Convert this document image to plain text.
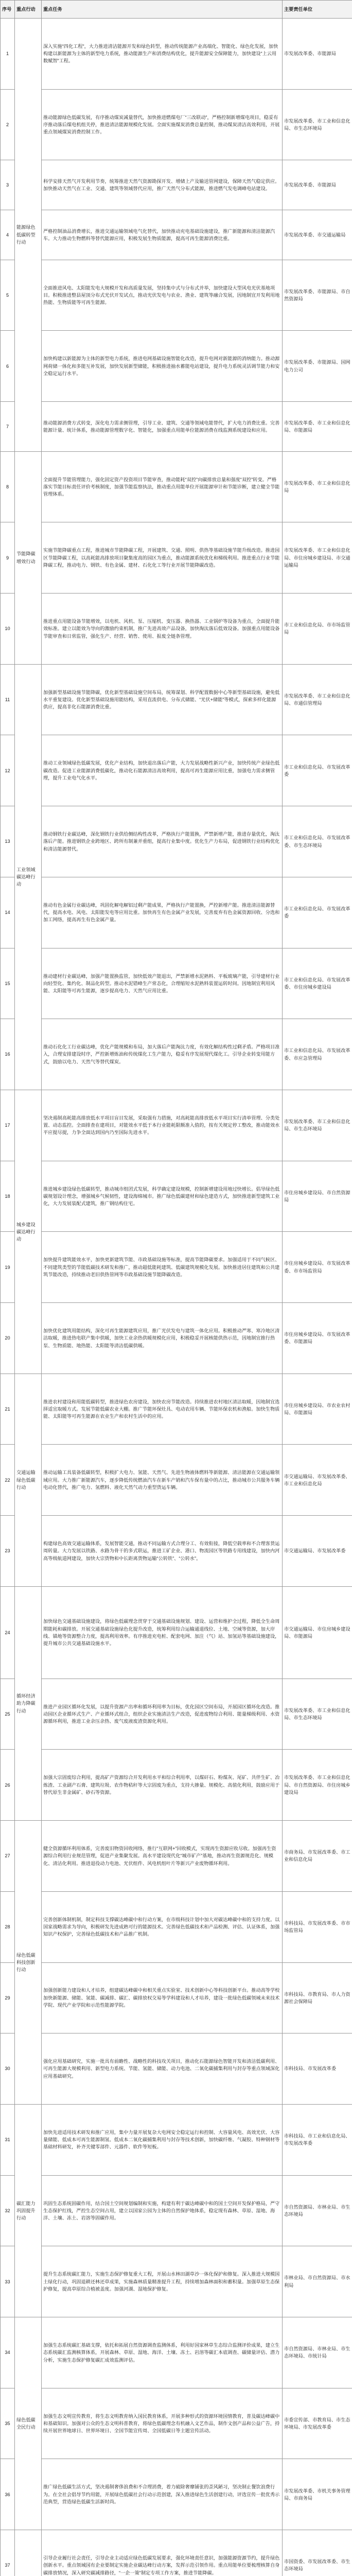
序号	重点行动	重点任务	主要责任单位
1	能源绿色低碳转型行动	深入实施“四化工程”，大力推进清洁能源开发和绿色转型，推动传统能源产业高端化、智能化、绿色化发展，加快构建以新能源为主体的新型电力系统，推动能源生产和消费结构优化，提升能源安全保障能力，加快建设“上云用数赋智”工程。	市发展改革委、市能源局
2		推动能源绿色低碳发展，有序推动煤炭减量替代，加快推进燃煤电厂“三改联动”，严格控制新增煤电项目，稳妥有序推动落后煤电机组关停，推进清洁能源规模化发展。全面实施煤炭消费总量控制，推动煤炭清洁高效利用，开展重点领域煤炭消费控制工作。	市发展改革委、市工业和信息化局、市生态环境局
3		科学安排天然气开发利用节奏，统筹推进天然气资源勘探开发、增储上产及输送管网建设，保障天然气稳定供应。加快推动天然气在工业、交通、建筑等领域替代应用，推广天然气分布式能源，推进燃气发电调峰电站建设。	市发展改革委、市能源局
4		严格控制油品消费增长，推进交通运输领域电气化替代，加快推动充电基础设施建设，推广新能源和清洁能源汽车。大力推动生物燃料等替代能源应用，积极发展生物质能源，提高可再生能源消费比重。	市发展改革委、市交通运输局
5		全面推进风电、太阳能发电大规模开发和高质量发展，坚持集中式与分布式并举，加快建设大型风电光伏基地项目。积极推进整县屋顶分布式光伏开发试点，推动光伏发电与农业、渔业、建筑等融合发展，因地制宜开发利用地热能、生物质能等可再生能源。	市发展改革委、市能源局、市自然资源局
6		加快构建以新能源为主体的新型电力系统，推进电网基础设施智能化改造，提升电网对新能源的消纳能力。推动源网荷储一体化和多能互补发展，加快发展新型储能，积极推进抽水蓄能电站建设，提升电力系统灵活调节能力和安全稳定运行水平。	市发展改革委、市能源局、国网电力公司
7		推动能源消费方式转变，深化电力需求侧管理，引导工业、建筑、交通等领域电能替代，扩大电力消费比重。完善能源计量、统计体系，推动能源管理数字化、智能化，加强重点用能单位能源消费在线监测系统建设和应用。	市发展改革委、市工业和信息化局、市能源局
8	节能降碳增效行动	全面提升节能管理能力，强化固定资产投资项目节能审查，推动能耗“双控”向碳排放总量和强度“双控”转变。严格落实节能目标责任评价考核制度，加强节能监察执法，推动重点用能单位开展能源审计和节能诊断，建立健全节能管理体系。	市发展改革委、市工业和信息化局
9		实施节能降碳重点工程，推进城市节能降碳工程，开展建筑、交通、照明、供热等基础设施节能升级改造。推进园区节能降碳工程，以高耗能高排放项目聚集度高的园区为重点，推动能源系统优化和梯级利用。推进重点行业节能降碳工程，推动电力、钢铁、有色金属、建材、石化化工等行业开展节能降碳改造。	市发展改革委、市工业和信息化局、市住房城乡建设局、市交通运输局
10		推进重点用能设备节能增效，以电机、风机、泵、压缩机、变压器、换热器、工业锅炉等设备为重点，全面提升能效标准。建立以能效为导向的激励约束机制，推广先进高效产品设备，加快淘汰落后低效设备。加强重点用能设备节能审查和日常监管，强化生产、经营、销售、使用、报废全链条管理。	市工业和信息化局、市市场监管局
11	工业领域碳达峰行动	加强新型基础设施节能降碳，优化新型基础设施空间布局，统筹谋划、科学配置数据中心等新型基础设施，避免低水平重复建设。优化新型基础设施用能结构，采用直流供电、分布式储能、“光伏+储能”等模式，探索多样化能源供应，提高非化石能源消费比重。	市发展改革委、市工业和信息化局、市通信管理局
12		推动工业领域绿色低碳发展，优化产业结构，加快退出落后产能，大力发展战略性新兴产业，加快传统产业绿色低碳改造。促进工业能源消费低碳化，推动化石能源清洁高效利用，提高可再生能源应用比重，加强电力需求侧管理，提升工业电气化水平。	市工业和信息化局、市发展改革委
13		推动钢铁行业碳达峰，深化钢铁行业供给侧结构性改革，严格执行产能置换，严禁新增产能，推进存量优化，淘汰落后产能。推进钢铁企业跨地区、跨所有制兼并重组，提高行业集中度。优化生产力布局，促进钢铁行业结构优化和清洁能源替代。	市工业和信息化局、市发展改革委、市生态环境局
14		推动有色金属行业碳达峰，巩固化解电解铝过剩产能成果，严格执行产能置换，严控新增产能。推进清洁能源替代，提高水电、风电、太阳能发电等应用比重。加快再生有色金属产业发展，完善废弃有色金属资源回收、分选和加工网络，提高再生有色金属产量。	市工业和信息化局、市发展改革委
15		推动建材行业碳达峰，加强产能置换监管，加快低效产能退出，严禁新增水泥熟料、平板玻璃产能，引导建材行业向轻型化、集约化、制品化转型。推动水泥错峰生产常态化，合理缩短水泥熟料装置运转时间。因地制宜利用风能、太阳能等可再生能源，逐步提高电力、天然气应用比重。	市工业和信息化局、市发展改革委、市住房城乡建设局
16		推动石化化工行业碳达峰，优化产能规模和布局，加大落后产能淘汰力度，有效化解结构性过剩矛盾。严格项目准入，合理安排建设时序，严控新增炼油和传统煤化工生产能力，稳妥有序发展现代煤化工。引导企业转变用能方式，鼓励以电力、天然气等替代煤炭。	市工业和信息化局、市发展改革委、市应急管理局
17	城乡建设碳达峰行动	坚决遏制高耗能高排放低水平项目盲目发展，采取强有力措施，对高耗能高排放低水平项目实行清单管理、分类处置、动态监控。全面排查在建项目，对能效水平低于本行业能耗限额准入值的，按有关规定停工整改，推动能效水平应提尽提，力争全面达到国内乃至国际先进水平。	市发展改革委、市工业和信息化局、市生态环境局
18		推进城乡建设绿色低碳转型，推动城市组团式发展，科学确定建设规模，控制新增建设用地过快增长。倡导绿色低碳规划设计理念，增强城乡气候韧性，建设海绵城市。推广绿色低碳建材和绿色建造方式，加快推进新型建筑工业化，大力发展装配式建筑，推广钢结构住宅。	市住房城乡建设局、市自然资源局
19		加快提升建筑能效水平，加快更新建筑节能、市政基础设施等标准，提高节能降碳要求。加强适用于不同气候区、不同建筑类型的节能低碳技术研发和推广，推动超低能耗建筑、低碳建筑规模化发展。加快推进居住建筑和公共建筑节能改造，持续推动老旧供热管网等市政基础设施节能降碳改造。	市住房城乡建设局、市发展改革委、市市场监管局
20		加快优化建筑用能结构，深化可再生能源建筑应用，推广光伏发电与建筑一体化应用。积极推动严寒、寒冷地区清洁取暖，推进热电联产集中供暖，加快工业余热供暖规模化应用，积极稳妥开展核能供热示范，因地制宜推行热泵、生物质能、地热能、太阳能等清洁低碳供暖。	市住房城乡建设局、市发展改革委、市能源局
21	交通运输绿色低碳行动	推进农村建设和用能低碳转型，推进绿色农房建设，加快农房节能改造。持续推进农村地区清洁取暖，因地制宜选择适宜取暖方式。发展节能低碳农业大棚。推广节能环保灶具、电动农用车辆、节能环保农机和渔船。加快生物质能、太阳能等可再生能源在农业生产和农村生活中的应用。	市住房城乡建设局、市农业农村局、市能源局
22		推动运输工具装备低碳转型，积极扩大电力、氢能、天然气、先进生物液体燃料等新能源、清洁能源在交通运输领域应用。大力推广新能源汽车，逐步降低传统燃油汽车在新车产销和汽车保有量中的占比，推动城市公共服务车辆电动化替代，推广电力、氢燃料、液化天然气动力重型货运车辆。	市交通运输局、市发展改革委、市工业和信息化局
23		构建绿色高效交通运输体系，发展智能交通，推动不同运输方式合理分工、有效衔接，降低空载率和不合理客货运周转量。大力发展以铁路、水路为骨干的多式联运，推进工矿企业、港口、物流园区等铁路专用线建设，加快内河高等级航道网建设，加快大宗货物和中长距离货物运输“公转铁”、“公转水”。	市交通运输局、市发展改革委
24	循环经济助力降碳行动	加快绿色交通基础设施建设，将绿色低碳理念贯穿于交通基础设施规划、建设、运营和维护全过程，降低全生命周期能耗和碳排放。开展交通基础设施绿色化提升改造，统筹利用综合运输通道线位、土地、空域等资源，加大岸线、锚地等资源整合力度，提高利用效率。有序推进充电桩、配套电网、加注（气）站、加氢站等基础设施建设，提升城市公共交通基础设施水平。	市交通运输局、市住房城乡建设局、市能源局
25		推进产业园区循环化发展，以提升资源产出率和循环利用率为目标，优化园区空间布局，开展园区循环化改造。推动园区企业循环式生产、产业循环式组合，组织企业实施清洁生产改造，促进废物综合利用、能量梯级利用、水资源循环利用，推进工业余压余热、废气废液废渣资源化利用。	市发展改革委、市工业和信息化局、市生态环境局
26		加强大宗固废综合利用，提高矿产资源综合开发利用水平和综合利用率，以煤矸石、粉煤灰、尾矿、共伴生矿、冶炼渣、工业副产石膏、建筑垃圾、农作物秸秆等大宗固废为重点，支持大掺量、规模化、高值化利用，鼓励应用于替代原生非金属矿、砂石等资源。	市发展改革委、市工业和信息化局、市自然资源局、市住房城乡建设局
27	绿色低碳科技创新行动	健全资源循环利用体系，完善废旧物资回收网络，推行“互联网+”回收模式，实现再生资源应收尽收。加强再生资源综合利用行业规范管理，促进产业集聚发展。高水平建设现代化“城市矿产”基地，推动再生资源规范化、规模化、清洁化利用。推进退役动力电池、光伏组件、风电机组叶片等新兴产业废物循环利用。	市商务局、市发展改革委、市工业和信息化局
28		完善创新体制机制，制定科技支撑碳达峰碳中和行动方案，在市级科技计划中加大对碳达峰碳中和的支持力度。以国家战略需求为导向，积极研发先进成熟可行的能源技术。完善绿色低碳技术和产品检测、评估、认证体系，加强知识产权保护，完善绿色低碳技术和产品推广机制。	市科技局、市发展改革委、市市场监管局
29		加强创新能力建设和人才培养，组建碳达峰碳中和相关重点实验室、技术创新中心等科技创新平台。推动高等学校加快新能源、储能、氢能、碳减排、碳汇、碳排放权交易等学科建设和人才培养，建设一批绿色低碳领域未来技术学院、现代产业学院和示范性能源学院。	市科技局、市教育局、市人力资源社会保障局
30		强化应用基础研究，实施一批具有前瞻性、战略性的科技攻关项目，推动化石能源绿色智能开发和清洁低碳利用、可再生能源大规模利用、新型电力系统、节能、氢能、储能、动力电池、二氧化碳捕集利用与封存等重点领域深化应用基础研究。	市科技局、市发展改革委
31	碳汇能力巩固提升行动	加快先进适用技术研发和推广应用，集中力量开展复杂大电网安全稳定运行和控制、大容量风电、高效光伏、大容量储能、低成本可再生能源制氢、低成本二氧化碳捕集利用与封存等技术创新，加快碳纤维、气凝胶、特种钢材等基础材料研发，补齐关键零部件、元器件、软件等短板。	市科技局、市工业和信息化局、市发展改革委
32		巩固生态系统固碳作用，结合国土空间规划编制和实施，构建有利于碳达峰碳中和的国土空间开发保护格局，严守生态保护红线，严控生态空间占用，建立以国家公园为主体的自然保护地体系，稳定现有森林、草原、湿地、海洋、土壤、冻土、岩溶等固碳作用。	市自然资源局、市林业局、市生态环境局
33		提升生态系统碳汇能力，实施生态保护修复重大工程，开展山水林田湖草沙一体化保护和修复。深入推进大规模国土绿化行动，巩固退耕还林还草成果，实施森林质量精准提升工程，持续增加森林面积和蓄积量。加强草原生态保护修复，提高草原综合植被盖度。加强河湖、湿地保护修复。	市林业局、市自然资源局、市水利局
34	绿色低碳全民行动	加强生态系统碳汇基础支撑，依托和拓展自然资源调查监测体系，利用好国家林草生态综合监测评价成果，建立生态系统碳汇监测核算体系，开展森林、草原、湿地、海洋、土壤、冻土、岩溶等碳汇本底调查、碳储量评估、潜力分析，实施生态保护修复碳汇成效监测评估。	市自然资源局、市林业局、市生态环境局、市统计局
35		加强生态文明宣传教育，将生态文明教育纳入国民教育体系，开展多种形式的资源环境国情教育，普及碳达峰碳中和基础知识。加强对公众的生态文明科普教育，将绿色低碳理念有机融入文艺作品，制作文创产品和公益广告，持续开展世界地球日、世界环境日、全国节能宣传周、全国低碳日等主题宣传活动。	市委宣传部、市教育局、市生态环境局、市发展改革委
36		推广绿色低碳生活方式，坚决遏制奢侈浪费和不合理消费，着力破除奢靡铺张的歪风陋习，坚决制止餐饮浪费行为。在全社会倡导节约用能，开展绿色低碳社会行动示范创建，深入推进绿色生活创建行动，评选宣传一批优秀示范典型，营造绿色低碳生活新时尚。	市发展改革委、市机关事务管理局、市商务局
37		引导企业履行社会责任，引导企业主动适应绿色低碳发展要求，强化环境责任意识，加强能源资源节约，提升绿色创新水平。重点领域国有企业要制定实施企业碳达峰行动方案，发挥示范引领作用。重点用能单位要梳理核算自身碳排放情况，深入研究碳减排路径，“一企一策”制定专项工作方案，推进节能降碳。	市国资委、市发展改革委、市生态环境局
